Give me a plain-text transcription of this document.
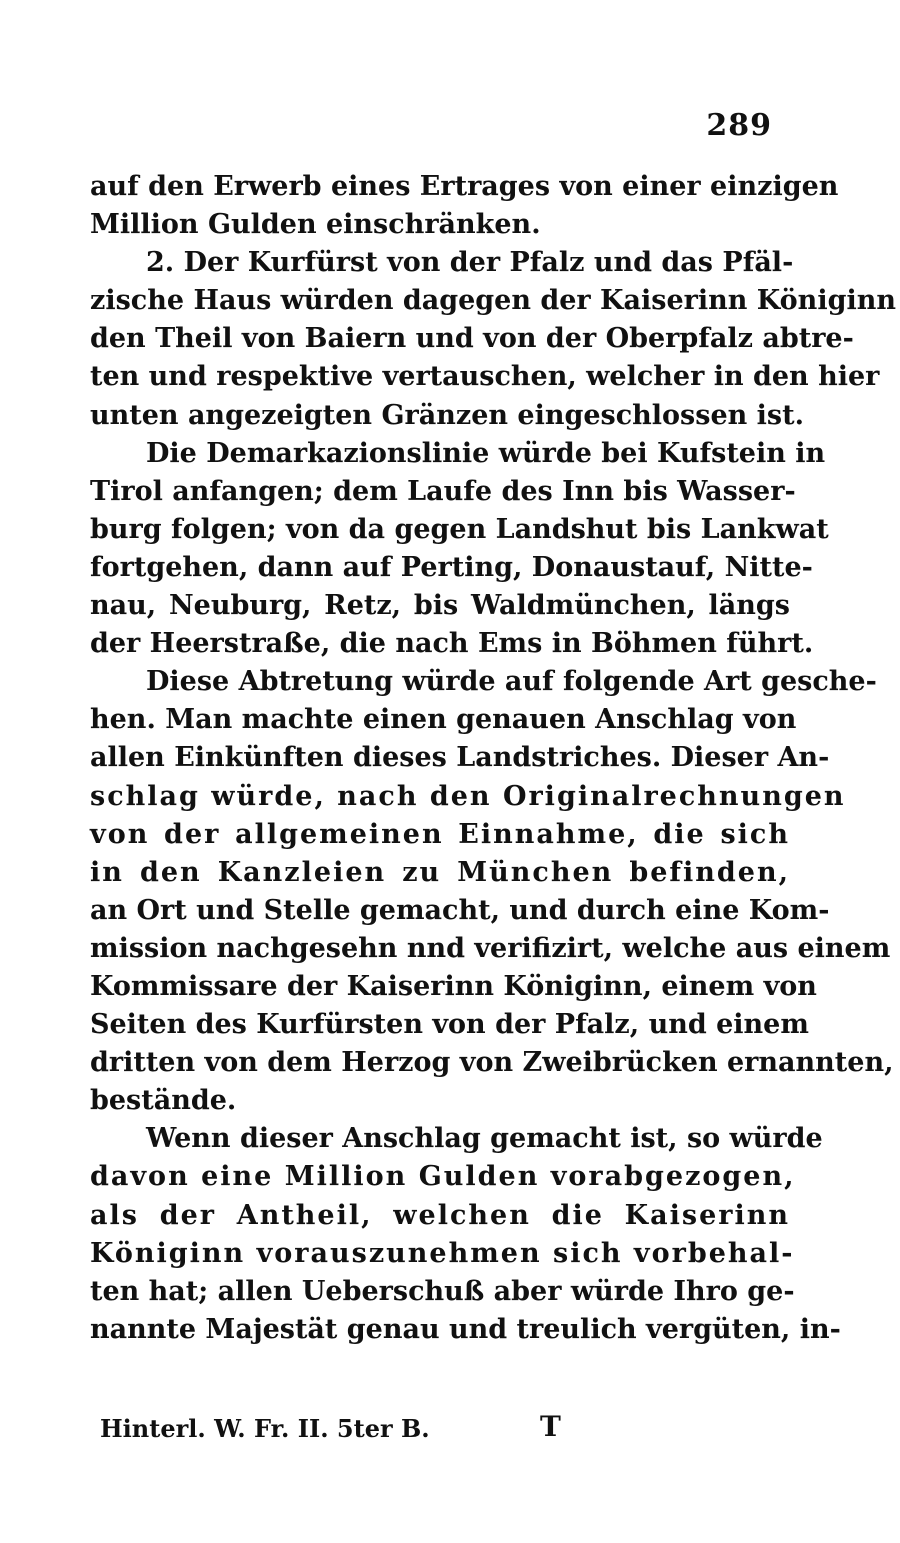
289
auf den Erwerb eines Ertrages von einer einzigen
Million Gulden einschränken.
2. Der Kurfürst von der Pfalz und das Pfäl-
zische Haus würden dagegen der Kaiserinn Königinn
den Theil von Baiern und von der Oberpfalz abtre-
ten und respektive vertauschen, welcher in den hier
unten angezeigten Gränzen eingeschlossen ist.
Die Demarkazionslinie würde bei Kufstein in
Tirol anfangen; dem Laufe des Inn bis Wasser-
burg folgen; von da gegen Landshut bis Lankwat
fortgehen, dann auf Perting, Donaustauf, Nitte-
nau, Neuburg, Retz, bis Waldmünchen, längs
der Heerstraße, die nach Ems in Böhmen führt.
Diese Abtretung würde auf folgende Art gesche-
hen. Man machte einen genauen Anschlag von
allen Einkünften dieses Landstriches. Dieser An-
schlag würde, nach den Originalrechnungen
von der allgemeinen Einnahme, die sich
in den Kanzleien zu München befinden,
an Ort und Stelle gemacht, und durch eine Kom-
mission nachgesehn nnd verifizirt, welche aus einem
Kommissare der Kaiserinn Königinn, einem von
Seiten des Kurfürsten von der Pfalz, und einem
dritten von dem Herzog von Zweibrücken ernannten,
bestände.
Wenn dieser Anschlag gemacht ist, so würde
davon eine Million Gulden vorabgezogen,
als der Antheil, welchen die Kaiserinn
Königinn vorauszunehmen sich vorbehal-
ten hat; allen Ueberschuß aber würde Ihro ge-
nannte Majestät genau und treulich vergüten, in-
Hinterl. W. Fr. II. 5ter B.	T
